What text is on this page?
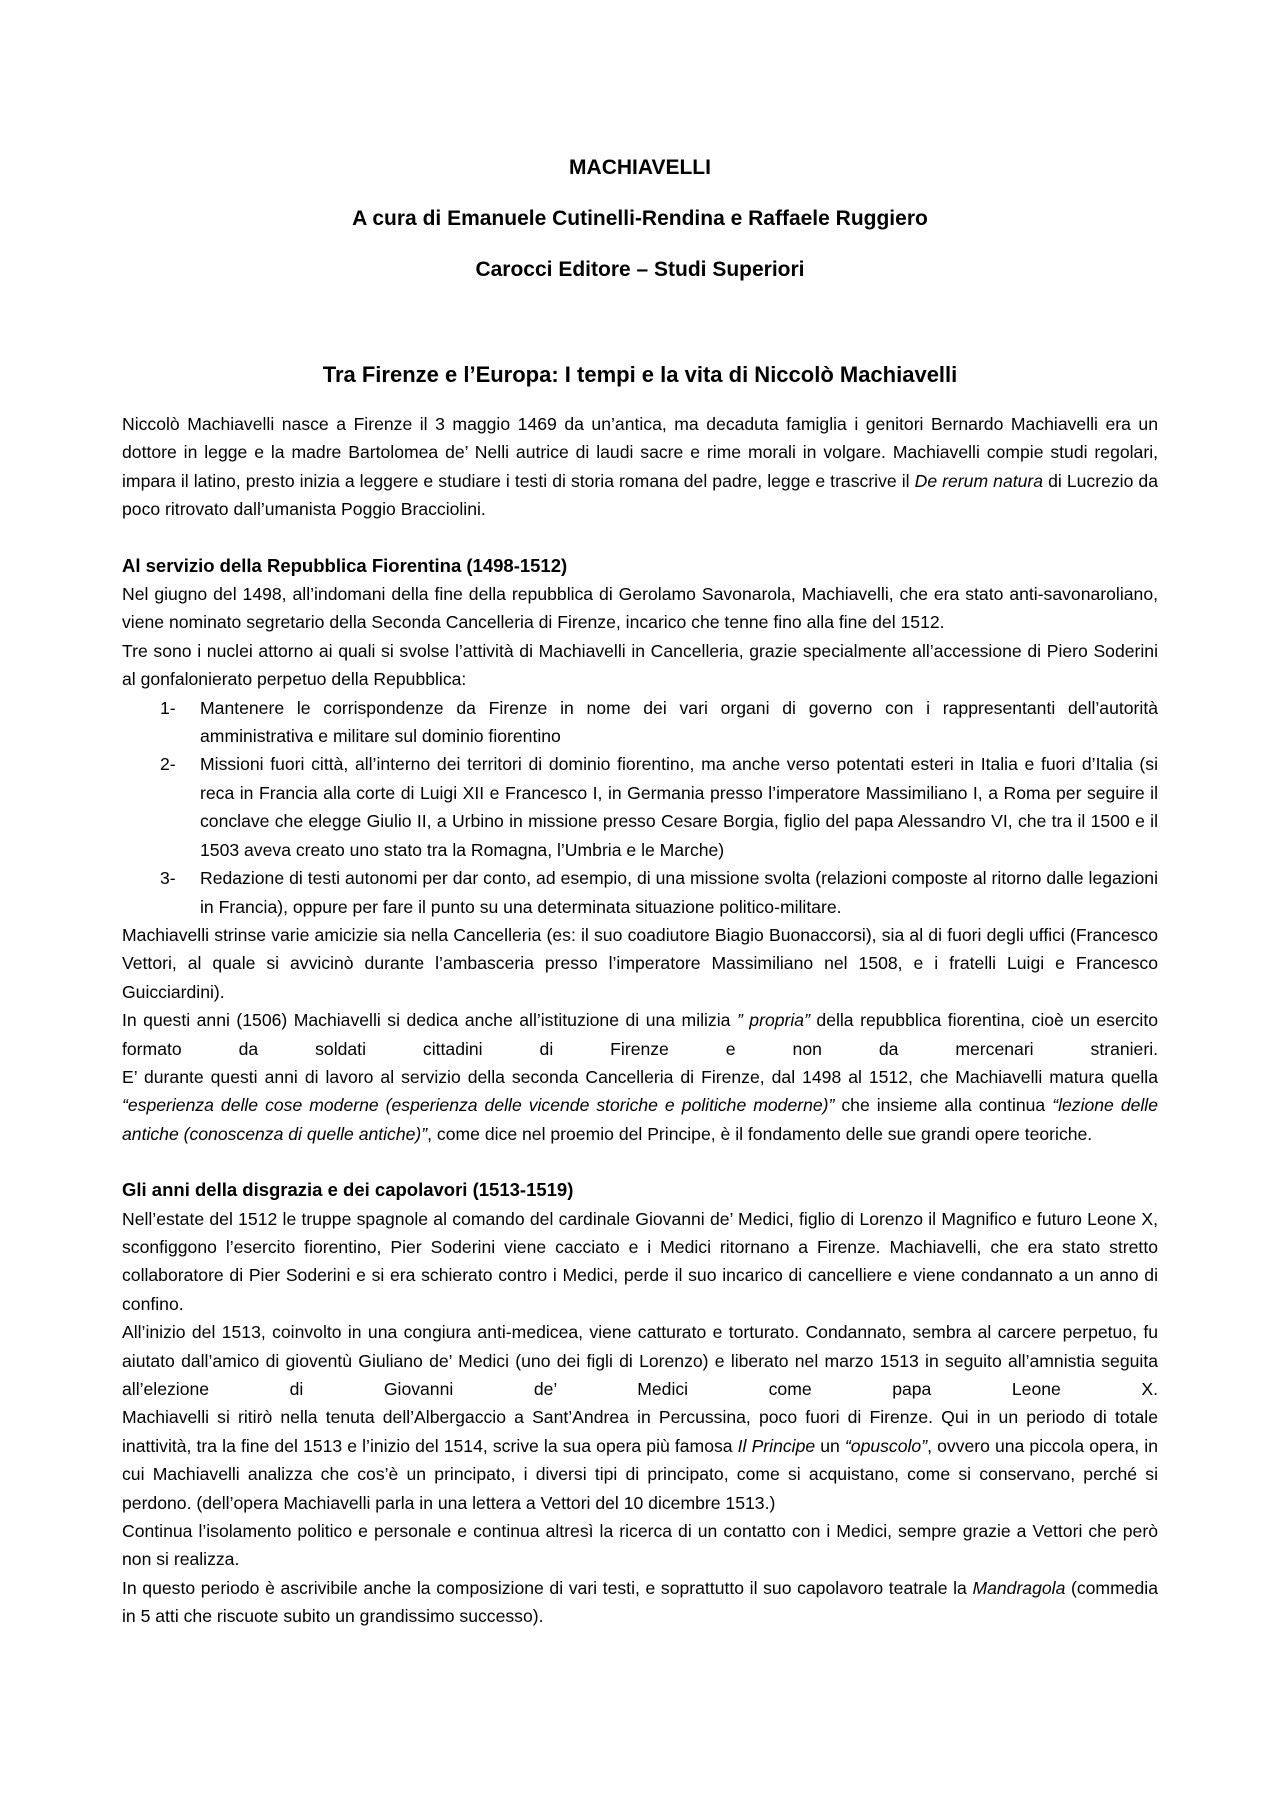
MACHIAVELLI
A cura di Emanuele Cutinelli-Rendina e Raffaele Ruggiero
Carocci Editore – Studi Superiori
Tra Firenze e l’Europa: I tempi e la vita di Niccolò Machiavelli

Niccolò Machiavelli nasce a Firenze il 3 maggio 1469 da un’antica, ma decaduta famiglia i genitori Bernardo Machiavelli era un dottore in legge e la madre Bartolomea de’ Nelli autrice di laudi sacre e rime morali in volgare. Machiavelli compie studi regolari, impara il latino, presto inizia a leggere e studiare i testi di storia romana del padre, legge e trascrive il De rerum natura di Lucrezio da poco ritrovato dall’umanista Poggio Bracciolini.

Al servizio della Repubblica Fiorentina (1498-1512)

Nel giugno del 1498, all’indomani della fine della repubblica di Gerolamo Savonarola, Machiavelli, che era stato anti-savonaroliano, viene nominato segretario della Seconda Cancelleria di Firenze, incarico che tenne fino alla fine del 1512.

Tre sono i nuclei attorno ai quali si svolse l’attività di Machiavelli in Cancelleria, grazie specialmente all’accessione di Piero Soderini al gonfalonierato perpetuo della Repubblica:

1- Mantenere le corrispondenze da Firenze in nome dei vari organi di governo con i rappresentanti dell’autorità amministrativa e militare sul dominio fiorentino
2- Missioni fuori città, all’interno dei territori di dominio fiorentino, ma anche verso potentati esteri in Italia e fuori d’Italia (si reca in Francia alla corte di Luigi XII e Francesco I, in Germania presso l’imperatore Massimiliano I, a Roma per seguire il conclave che elegge Giulio II, a Urbino in missione presso Cesare Borgia, figlio del papa Alessandro VI, che tra il 1500 e il 1503 aveva creato uno stato tra la Romagna, l’Umbria e le Marche)
3- Redazione di testi autonomi per dar conto, ad esempio, di una missione svolta (relazioni composte al ritorno dalle legazioni in Francia), oppure per fare il punto su una determinata situazione politico-militare.

Machiavelli strinse varie amicizie sia nella Cancelleria (es: il suo coadiutore Biagio Buonaccorsi), sia al di fuori degli uffici (Francesco Vettori, al quale si avvicinò durante l’ambasceria presso l’imperatore Massimiliano nel 1508, e i fratelli Luigi e Francesco Guicciardini).

In questi anni (1506) Machiavelli si dedica anche all’istituzione di una milizia ” propria” della repubblica fiorentina, cioè un esercito formato da soldati cittadini di Firenze e non da mercenari stranieri.

E’ durante questi anni di lavoro al servizio della seconda Cancelleria di Firenze, dal 1498 al 1512, che Machiavelli matura quella “esperienza delle cose moderne (esperienza delle vicende storiche e politiche moderne)” che insieme alla continua “lezione delle antiche (conoscenza di quelle antiche)”, come dice nel proemio del Principe, è il fondamento delle sue grandi opere teoriche.

Gli anni della disgrazia e dei capolavori (1513-1519)

Nell’estate del 1512 le truppe spagnole al comando del cardinale Giovanni de’ Medici, figlio di Lorenzo il Magnifico e futuro Leone X, sconfiggono l’esercito fiorentino, Pier Soderini viene cacciato e i Medici ritornano a Firenze. Machiavelli, che era stato stretto collaboratore di Pier Soderini e si era schierato contro i Medici, perde il suo incarico di cancelliere e viene condannato a un anno di confino.

All’inizio del 1513, coinvolto in una congiura anti-medicea, viene catturato e torturato. Condannato, sembra al carcere perpetuo, fu aiutato dall’amico di gioventù Giuliano de’ Medici (uno dei figli di Lorenzo) e liberato nel marzo 1513 in seguito all’amnistia seguita all’elezione di Giovanni de’ Medici come papa Leone X.

Machiavelli si ritirò nella tenuta dell’Albergaccio a Sant’Andrea in Percussina, poco fuori di Firenze. Qui in un periodo di totale inattività, tra la fine del 1513 e l’inizio del 1514, scrive la sua opera più famosa Il Principe un “opuscolo”, ovvero una piccola opera, in cui Machiavelli analizza che cos’è un principato, i diversi tipi di principato, come si acquistano, come si conservano, perché si perdono. (dell’opera Machiavelli parla in una lettera a Vettori del 10 dicembre 1513.)

Continua l’isolamento politico e personale e continua altresì la ricerca di un contatto con i Medici, sempre grazie a Vettori che però non si realizza.

In questo periodo è ascrivibile anche la composizione di vari testi, e soprattutto il suo capolavoro teatrale la Mandragola (commedia in 5 atti che riscuote subito un grandissimo successo).
